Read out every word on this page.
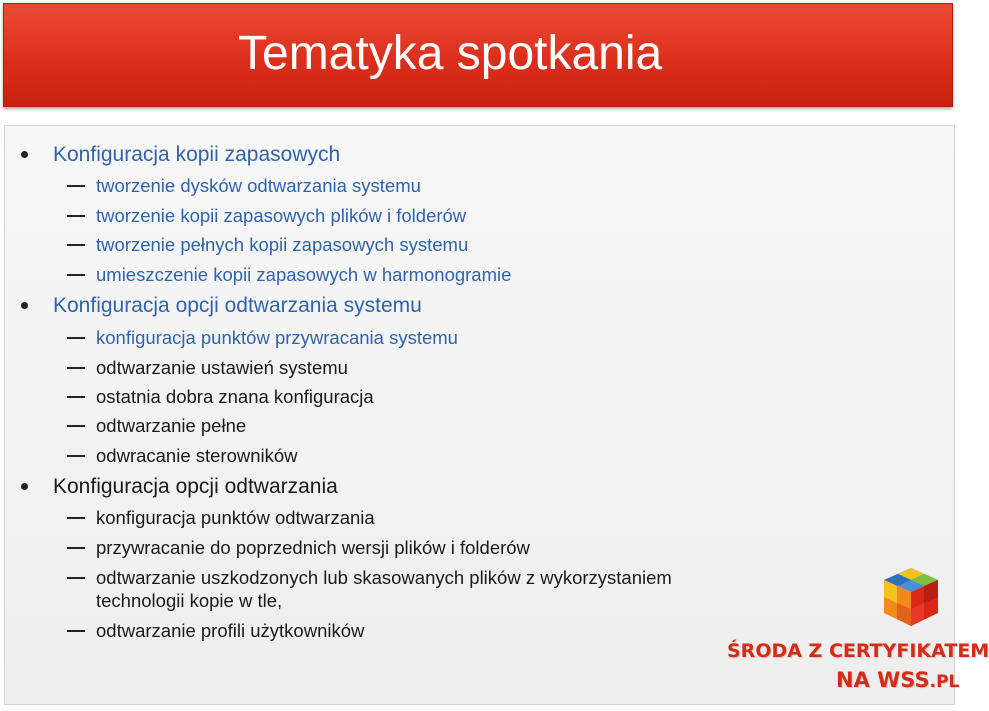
Tematyka spotkania
Konfiguracja kopii zapasowych
tworzenie dysków odtwarzania systemu
tworzenie kopii zapasowych plików i folderów
tworzenie pełnych kopii zapasowych systemu
umieszczenie kopii zapasowych w harmonogramie
Konfiguracja opcji odtwarzania systemu
konfiguracja punktów przywracania systemu
odtwarzanie ustawień systemu
ostatnia dobra znana konfiguracja
odtwarzanie pełne
odwracanie sterowników
Konfiguracja opcji odtwarzania
konfiguracja punktów odtwarzania
przywracanie do poprzednich wersji plików i folderów
odtwarzanie uszkodzonych lub skasowanych plików z wykorzystaniem
technologii kopie w tle,
odtwarzanie profili użytkowników
ŚRODA Z CERTYFIKATEM
NA WSS.PL
